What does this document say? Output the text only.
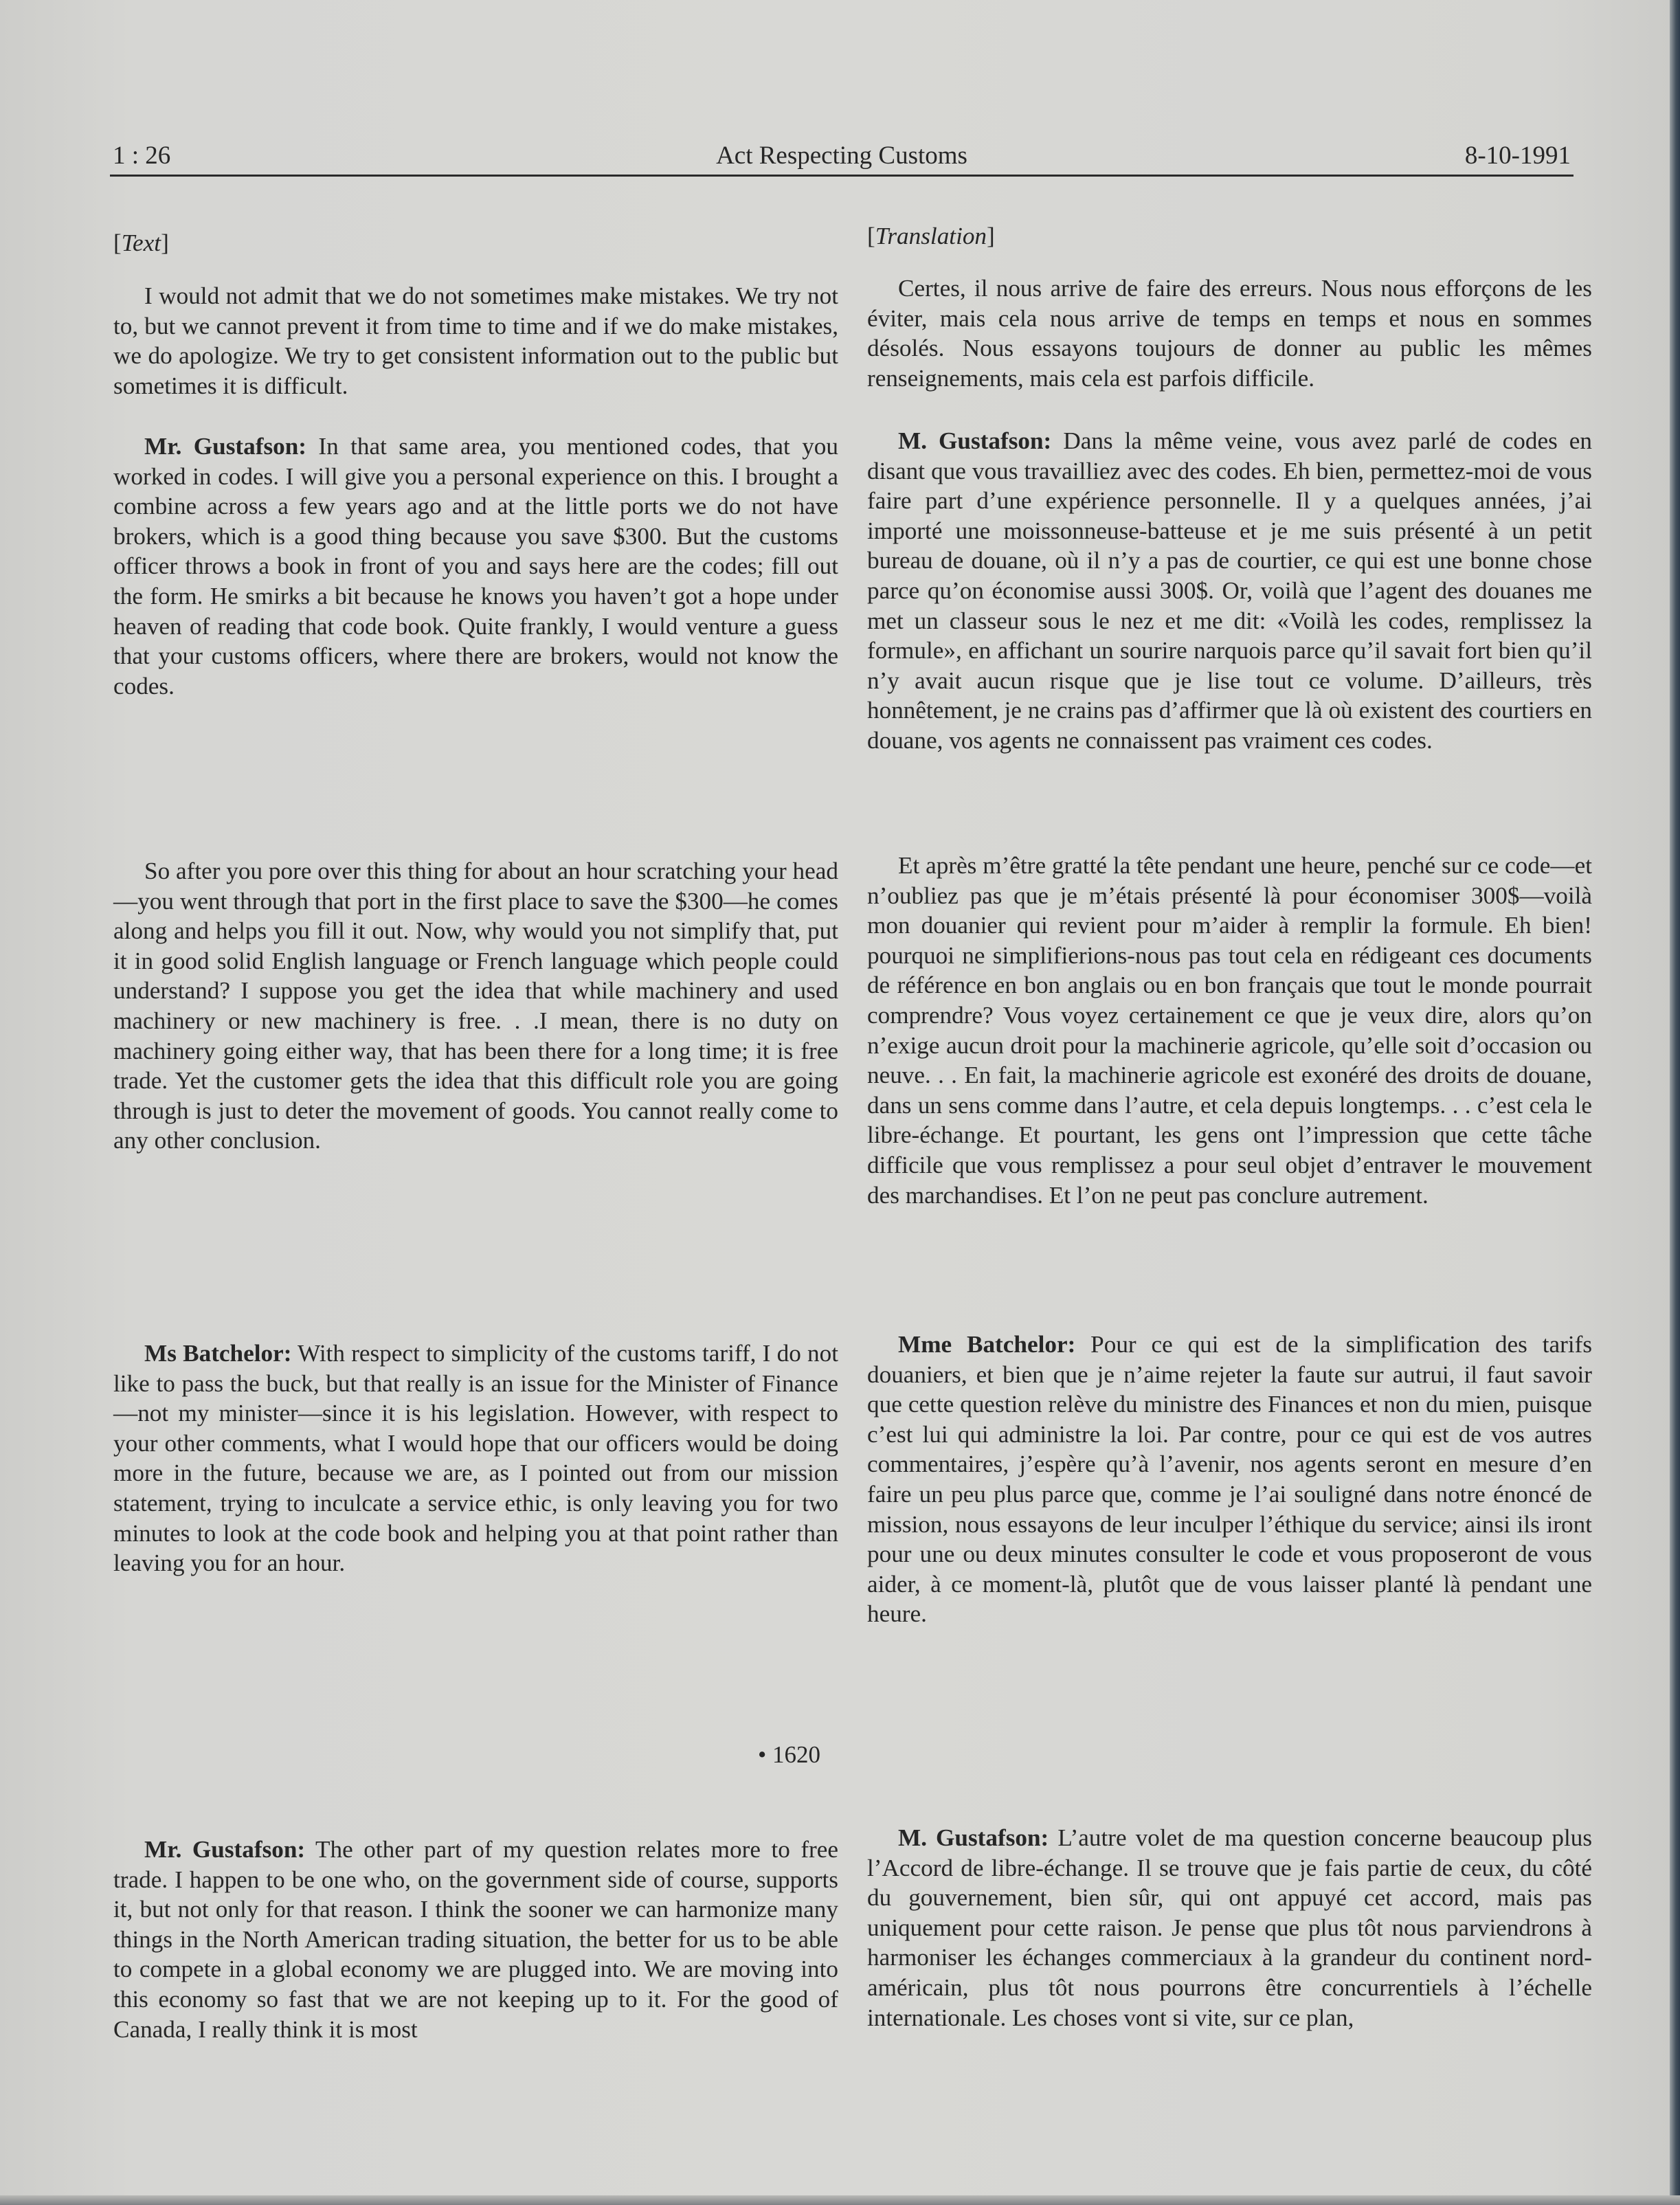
1 : 26	Act Respecting Customs	8-10-1991

[Text]

I would not admit that we do not sometimes make mistakes. We try not to, but we cannot prevent it from time to time and if we do make mistakes, we do apologize. We try to get consistent information out to the public but sometimes it is difficult.

Mr. Gustafson: In that same area, you mentioned codes, that you worked in codes. I will give you a personal experience on this. I brought a combine across a few years ago and at the little ports we do not have brokers, which is a good thing because you save $300. But the customs officer throws a book in front of you and says here are the codes; fill out the form. He smirks a bit because he knows you haven’t got a hope under heaven of reading that code book. Quite frankly, I would venture a guess that your customs officers, where there are brokers, would not know the codes.

So after you pore over this thing for about an hour scratching your head—you went through that port in the first place to save the $300—he comes along and helps you fill it out. Now, why would you not simplify that, put it in good solid English language or French language which people could understand? I suppose you get the idea that while machinery and used machinery or new machinery is free. . .I mean, there is no duty on machinery going either way, that has been there for a long time; it is free trade. Yet the customer gets the idea that this difficult role you are going through is just to deter the movement of goods. You cannot really come to any other conclusion.

Ms Batchelor: With respect to simplicity of the customs tariff, I do not like to pass the buck, but that really is an issue for the Minister of Finance—not my minister—since it is his legislation. However, with respect to your other comments, what I would hope that our officers would be doing more in the future, because we are, as I pointed out from our mission statement, trying to inculcate a service ethic, is only leaving you for two minutes to look at the code book and helping you at that point rather than leaving you for an hour.

• 1620

Mr. Gustafson: The other part of my question relates more to free trade. I happen to be one who, on the government side of course, supports it, but not only for that reason. I think the sooner we can harmonize many things in the North American trading situation, the better for us to be able to compete in a global economy we are plugged into. We are moving into this economy so fast that we are not keeping up to it. For the good of Canada, I really think it is most

[Translation]

Certes, il nous arrive de faire des erreurs. Nous nous efforçons de les éviter, mais cela nous arrive de temps en temps et nous en sommes désolés. Nous essayons toujours de donner au public les mêmes renseignements, mais cela est parfois difficile.

M. Gustafson: Dans la même veine, vous avez parlé de codes en disant que vous travailliez avec des codes. Eh bien, permettez-moi de vous faire part d’une expérience personnelle. Il y a quelques années, j’ai importé une moissonneuse-batteuse et je me suis présenté à un petit bureau de douane, où il n’y a pas de courtier, ce qui est une bonne chose parce qu’on économise aussi 300$. Or, voilà que l’agent des douanes me met un classeur sous le nez et me dit: «Voilà les codes, remplissez la formule», en affichant un sourire narquois parce qu’il savait fort bien qu’il n’y avait aucun risque que je lise tout ce volume. D’ailleurs, très honnêtement, je ne crains pas d’affirmer que là où existent des courtiers en douane, vos agents ne connaissent pas vraiment ces codes.

Et après m’être gratté la tête pendant une heure, penché sur ce code—et n’oubliez pas que je m’étais présenté là pour économiser 300$—voilà mon douanier qui revient pour m’aider à remplir la formule. Eh bien! pourquoi ne simplifierions-nous pas tout cela en rédigeant ces documents de référence en bon anglais ou en bon français que tout le monde pourrait comprendre? Vous voyez certainement ce que je veux dire, alors qu’on n’exige aucun droit pour la machinerie agricole, qu’elle soit d’occasion ou neuve. . . En fait, la machinerie agricole est exonéré des droits de douane, dans un sens comme dans l’autre, et cela depuis longtemps. . . c’est cela le libre-échange. Et pourtant, les gens ont l’impression que cette tâche difficile que vous remplissez a pour seul objet d’entraver le mouvement des marchandises. Et l’on ne peut pas conclure autrement.

Mme Batchelor: Pour ce qui est de la simplification des tarifs douaniers, et bien que je n’aime rejeter la faute sur autrui, il faut savoir que cette question relève du ministre des Finances et non du mien, puisque c’est lui qui administre la loi. Par contre, pour ce qui est de vos autres commentaires, j’espère qu’à l’avenir, nos agents seront en mesure d’en faire un peu plus parce que, comme je l’ai souligné dans notre énoncé de mission, nous essayons de leur inculper l’éthique du service; ainsi ils iront pour une ou deux minutes consulter le code et vous proposeront de vous aider, à ce moment-là, plutôt que de vous laisser planté là pendant une heure.

M. Gustafson: L’autre volet de ma question concerne beaucoup plus l’Accord de libre-échange. Il se trouve que je fais partie de ceux, du côté du gouvernement, bien sûr, qui ont appuyé cet accord, mais pas uniquement pour cette raison. Je pense que plus tôt nous parviendrons à harmoniser les échanges commerciaux à la grandeur du continent nord-américain, plus tôt nous pourrons être concurrentiels à l’échelle internationale. Les choses vont si vite, sur ce plan,
